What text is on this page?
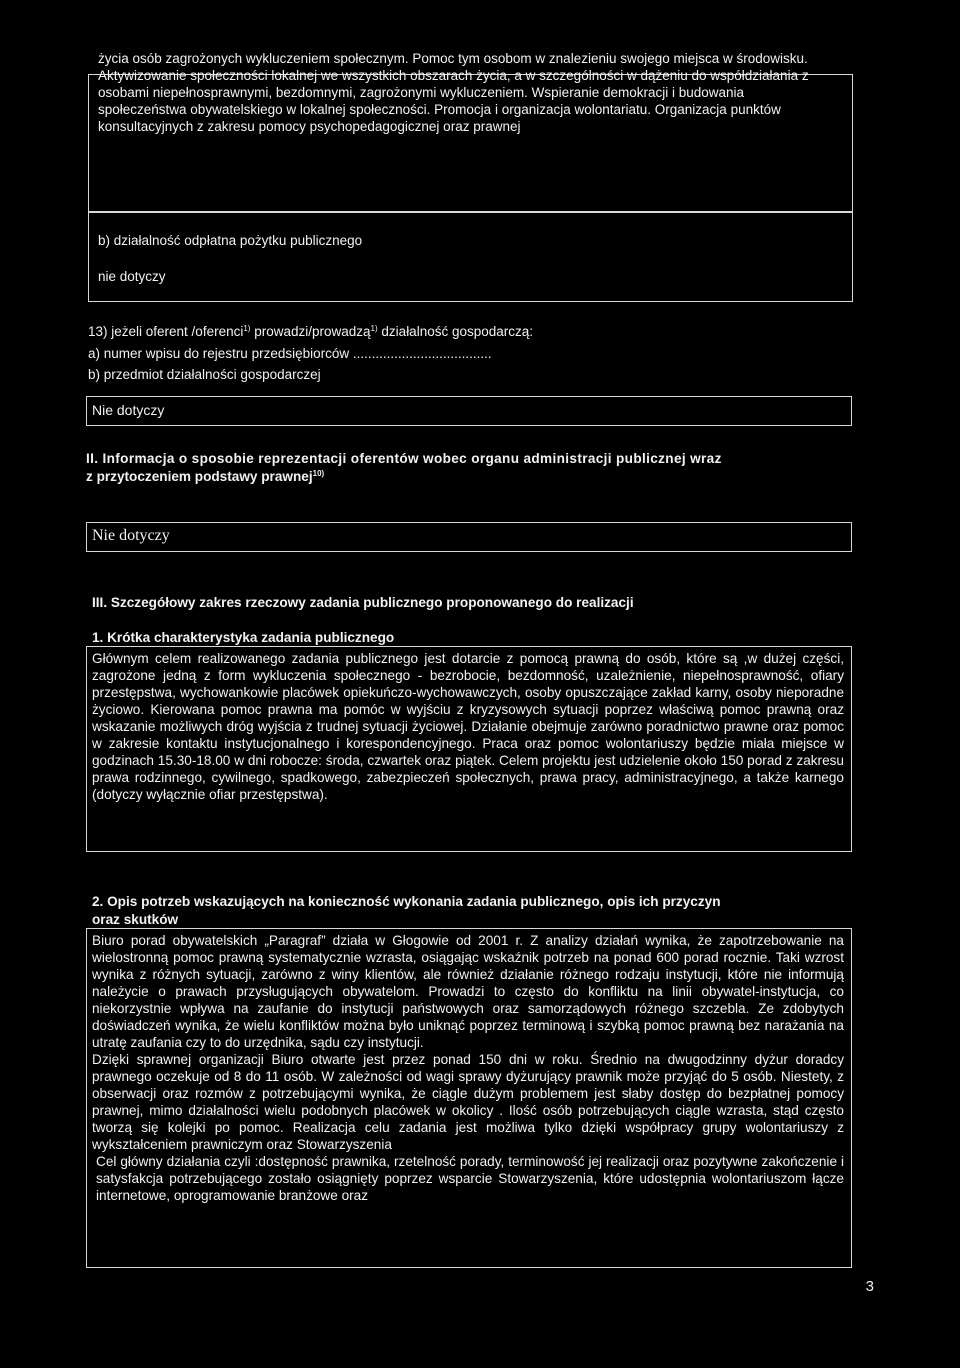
życia osób zagrożonych wykluczeniem społecznym. Pomoc tym osobom w znalezieniu swojego miejsca w środowisku. Aktywizowanie społeczności lokalnej we wszystkich obszarach życia, a w szczególności w dążeniu do współdziałania z osobami niepełnosprawnymi, bezdomnymi, zagrożonymi wykluczeniem. Wspieranie demokracji i budowania społeczeństwa obywatelskiego w lokalnej społeczności. Promocja i organizacja wolontariatu. Organizacja punktów konsultacyjnych z zakresu pomocy psychopedagogicznej oraz prawnej
b) działalność odpłatna pożytku publicznego
nie dotyczy
13) jeżeli oferent /oferenci$^{1)}$ prowadzi/prowadzą$^{1)}$ działalność gospodarczą:
a) numer wpisu do rejestru przedsiębiorców .....................................
b) przedmiot działalności gospodarczej
Nie dotyczy
II. Informacja o sposobie reprezentacji oferentów wobec organu administracji publicznej wraz
z przytoczeniem podstawy prawnej$^{10)}$
Nie dotyczy
III. Szczegółowy zakres rzeczowy zadania publicznego proponowanego do realizacji
1. Krótka charakterystyka zadania publicznego
Głównym celem realizowanego zadania publicznego jest dotarcie z pomocą prawną do osób, które są ,w dużej części, zagrożone jedną z form wykluczenia społecznego - bezrobocie, bezdomność, uzależnienie, niepełnosprawność, ofiary przestępstwa, wychowankowie placówek opiekuńczo-wychowawczych, osoby opuszczające zakład karny, osoby nieporadne życiowo. Kierowana pomoc prawna ma pomóc w wyjściu z kryzysowych sytuacji poprzez właściwą pomoc prawną oraz wskazanie możliwych dróg wyjścia z trudnej sytuacji życiowej. Działanie obejmuje zarówno poradnictwo prawne oraz pomoc w zakresie kontaktu instytucjonalnego i korespondencyjnego. Praca oraz pomoc wolontariuszy będzie miała miejsce w godzinach 15.30-18.00 w dni robocze: środa, czwartek oraz piątek. Celem projektu jest udzielenie około 150 porad z zakresu prawa rodzinnego, cywilnego, spadkowego, zabezpieczeń społecznych, prawa pracy, administracyjnego, a także karnego (dotyczy wyłącznie ofiar przestępstwa).
2. Opis potrzeb wskazujących na konieczność wykonania zadania publicznego, opis ich przyczyn
oraz skutków
Biuro porad obywatelskich „Paragraf” działa w Głogowie od 2001 r. Z analizy działań wynika, że zapotrzebowanie na wielostronną pomoc prawną systematycznie wzrasta, osiągając wskaźnik potrzeb na ponad 600 porad rocznie. Taki wzrost wynika z różnych sytuacji, zarówno z winy klientów, ale również działanie różnego rodzaju instytucji, które nie informują należycie o prawach przysługujących obywatelom. Prowadzi to często do konfliktu na linii obywatel-instytucja, co niekorzystnie wpływa na zaufanie do instytucji państwowych oraz samorządowych różnego szczebla. Ze zdobytych doświadczeń wynika, że wielu konfliktów można było uniknąć poprzez terminową i szybką pomoc prawną bez narażania na utratę zaufania czy to do urzędnika, sądu czy instytucji.
Dzięki sprawnej organizacji Biuro otwarte jest przez ponad 150 dni w roku. Średnio na dwugodzinny dyżur doradcy prawnego oczekuje od 8 do 11 osób. W zależności od wagi sprawy dyżurujący prawnik może przyjąć do 5 osób. Niestety, z obserwacji oraz rozmów z potrzebującymi wynika, że ciągle dużym problemem jest słaby dostęp do bezpłatnej pomocy prawnej, mimo działalności wielu podobnych placówek w okolicy . Ilość osób potrzebujących ciągle wzrasta, stąd często tworzą się kolejki po pomoc. Realizacja celu zadania jest możliwa tylko dzięki współpracy grupy wolontariuszy z wykształceniem prawniczym oraz Stowarzyszenia
Cel główny działania czyli :dostępność prawnika, rzetelność porady, terminowość jej realizacji oraz pozytywne zakończenie i satysfakcja potrzebującego zostało osiągnięty poprzez wsparcie Stowarzyszenia, które udostępnia wolontariuszom łącze internetowe, oprogramowanie branżowe oraz
3
